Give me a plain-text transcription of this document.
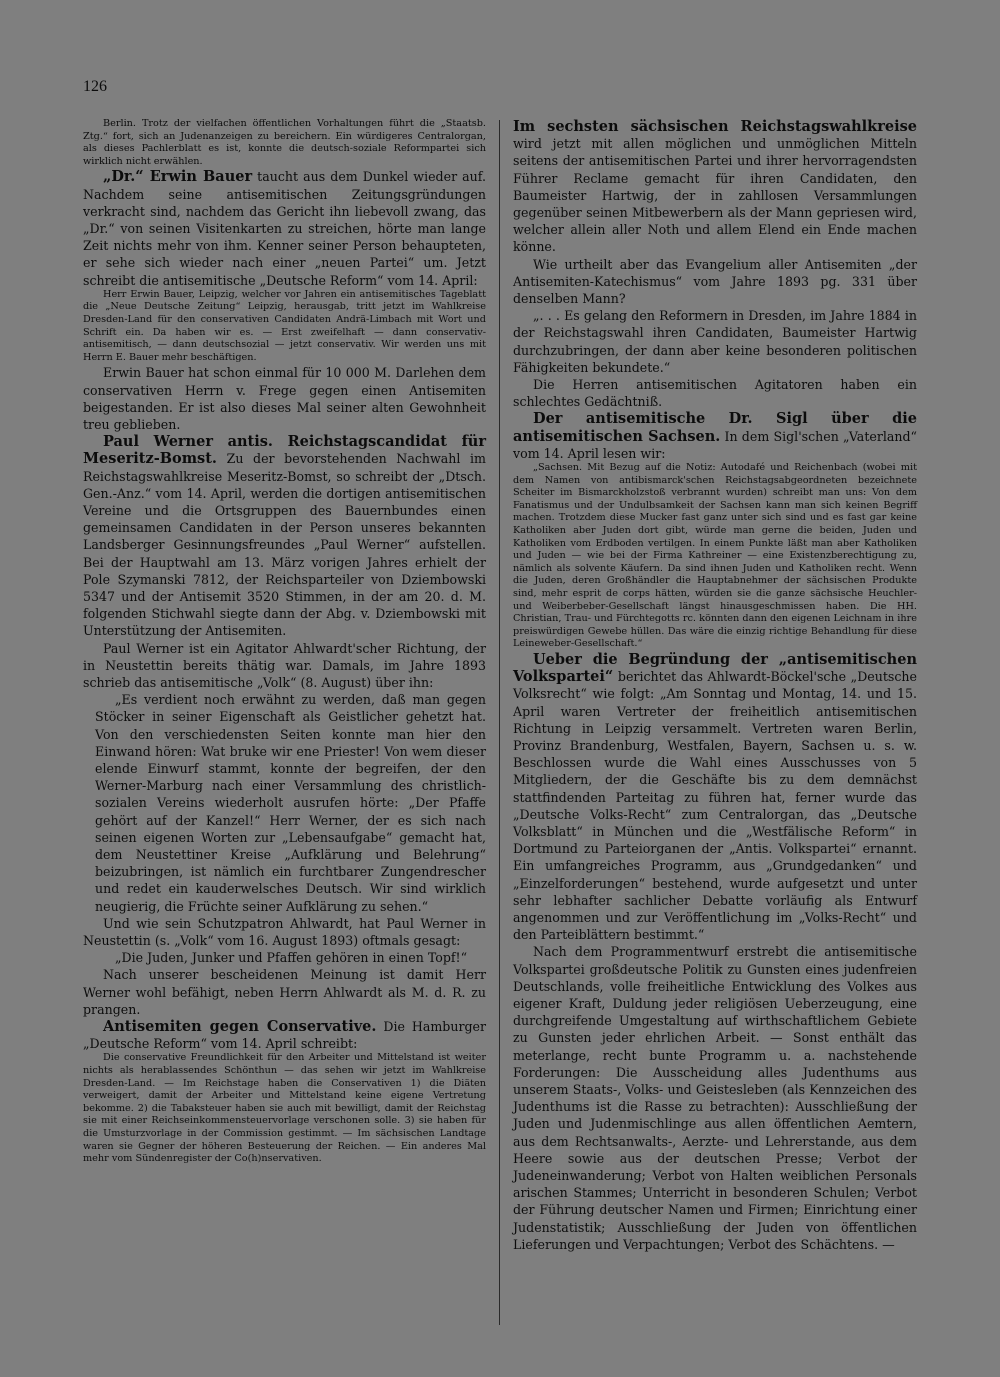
126

Berlin. Trotz der vielfachen öffentlichen Vorhaltungen führt die „Staatsb. Ztg.“ fort, sich an Judenanzeigen zu bereichern. Ein würdigeres Centralorgan, als dieses Pachlerblatt es ist, konnte die deutsch-soziale Reformpartei sich wirklich nicht erwählen.

„Dr.“ Erwin Bauer taucht aus dem Dunkel wieder auf. Nachdem seine antisemitischen Zeitungsgründungen verkracht sind, nachdem das Gericht ihn liebevoll zwang, das „Dr.“ von seinen Visitenkarten zu streichen, hörte man lange Zeit nichts mehr von ihm. Kenner seiner Person behaupteten, er sehe sich wieder nach einer „neuen Partei“ um. Jetzt schreibt die antisemitische „Deutsche Reform“ vom 14. April:

Herr Erwin Bauer, Leipzig, welcher vor Jahren ein antisemitisches Tageblatt die „Neue Deutsche Zeitung“ Leipzig, herausgab, tritt jetzt im Wahlkreise Dresden-Land für den conservativen Candidaten Andrä-Limbach mit Wort und Schrift ein. Da haben wir es. — Erst zweifelhaft — dann conservativ-antisemitisch, — dann deutschsozial — jetzt conservativ. Wir werden uns mit Herrn E. Bauer mehr beschäftigen.

Erwin Bauer hat schon einmal für 10 000 M. Darlehen dem conservativen Herrn v. Frege gegen einen Antisemiten beigestanden. Er ist also dieses Mal seiner alten Gewohnheit treu geblieben.

Paul Werner antis. Reichstagscandidat für Meseritz-Bomst. Zu der bevorstehenden Nachwahl im Reichstagswahlkreise Meseritz-Bomst, so schreibt der „Dtsch. Gen.-Anz.“ vom 14. April, werden die dortigen antisemitischen Vereine und die Ortsgruppen des Bauernbundes einen gemeinsamen Candidaten in der Person unseres bekannten Landsberger Gesinnungsfreundes „Paul Werner“ aufstellen. Bei der Hauptwahl am 13. März vorigen Jahres erhielt der Pole Szymanski 7812, der Reichsparteiler von Dziembowski 5347 und der Antisemit 3520 Stimmen, in der am 20. d. M. folgenden Stichwahl siegte dann der Abg. v. Dziembowski mit Unterstützung der Antisemiten.

Paul Werner ist ein Agitator Ahlwardt'scher Richtung, der in Neustettin bereits thätig war. Damals, im Jahre 1893 schrieb das antisemitische „Volk“ (8. August) über ihn:

„Es verdient noch erwähnt zu werden, daß man gegen Stöcker in seiner Eigenschaft als Geistlicher gehetzt hat. Von den verschiedensten Seiten konnte man hier den Einwand hören: Wat bruke wir ene Priester! Von wem dieser elende Einwurf stammt, konnte der begreifen, der den Werner-Marburg nach einer Versammlung des christlich-sozialen Vereins wiederholt ausrufen hörte: „Der Pfaffe gehört auf der Kanzel!“ Herr Werner, der es sich nach seinen eigenen Worten zur „Lebensaufgabe“ gemacht hat, dem Neustettiner Kreise „Aufklärung und Belehrung“ beizubringen, ist nämlich ein furchtbarer Zungendrescher und redet ein kauderwelsches Deutsch. Wir sind wirklich neugierig, die Früchte seiner Aufklärung zu sehen.“

Und wie sein Schutzpatron Ahlwardt, hat Paul Werner in Neustettin (s. „Volk“ vom 16. August 1893) oftmals gesagt:

„Die Juden, Junker und Pfaffen gehören in einen Topf!“

Nach unserer bescheidenen Meinung ist damit Herr Werner wohl befähigt, neben Herrn Ahlwardt als M. d. R. zu prangen.

Antisemiten gegen Conservative. Die Hamburger „Deutsche Reform“ vom 14. April schreibt:

Die conservative Freundlichkeit für den Arbeiter und Mittelstand ist weiter nichts als herablassendes Schönthun — das sehen wir jetzt im Wahlkreise Dresden-Land. — Im Reichstage haben die Conservativen 1) die Diäten verweigert, damit der Arbeiter und Mittelstand keine eigene Vertretung bekomme. 2) die Tabaksteuer haben sie auch mit bewilligt, damit der Reichstag sie mit einer Reichseinkommensteuervorlage verschonen solle. 3) sie haben für die Umsturzvorlage in der Commission gestimmt. — Im sächsischen Landtage waren sie Gegner der höheren Besteuerung der Reichen. — Ein anderes Mal mehr vom Sündenregister der Co(h)nservativen.

Im sechsten sächsischen Reichstagswahlkreise wird jetzt mit allen möglichen und unmöglichen Mitteln seitens der antisemitischen Partei und ihrer hervorragendsten Führer Reclame gemacht für ihren Candidaten, den Baumeister Hartwig, der in zahllosen Versammlungen gegenüber seinen Mitbewerbern als der Mann gepriesen wird, welcher allein aller Noth und allem Elend ein Ende machen könne.

Wie urtheilt aber das Evangelium aller Antisemiten „der Antisemiten-Katechismus“ vom Jahre 1893 pg. 331 über denselben Mann?

„. . . Es gelang den Reformern in Dresden, im Jahre 1884 in der Reichstagswahl ihren Candidaten, Baumeister Hartwig durchzubringen, der dann aber keine besonderen politischen Fähigkeiten bekundete.“

Die Herren antisemitischen Agitatoren haben ein schlechtes Gedächtniß.

Der antisemitische Dr. Sigl über die antisemitischen Sachsen. In dem Sigl'schen „Vaterland“ vom 14. April lesen wir:

„Sachsen. Mit Bezug auf die Notiz: Autodafé und Reichenbach (wobei mit dem Namen von antibismarck'schen Reichstagsabgeordneten bezeichnete Scheiter im Bismarckholzstoß verbrannt wurden) schreibt man uns: Von dem Fanatismus und der Undulbsamkeit der Sachsen kann man sich keinen Begriff machen. Trotzdem diese Mucker fast ganz unter sich sind und es fast gar keine Katholiken aber Juden dort gibt, würde man gerne die beiden, Juden und Katholiken vom Erdboden vertilgen. In einem Punkte läßt man aber Katholiken und Juden — wie bei der Firma Kathreiner — eine Existenzberechtigung zu, nämlich als solvente Käufern. Da sind ihnen Juden und Katholiken recht. Wenn die Juden, deren Großhändler die Hauptabnehmer der sächsischen Produkte sind, mehr esprit de corps hätten, würden sie die ganze sächsische Heuchler- und Weiberbeber-Gesellschaft längst hinausgeschmissen haben. Die HH. Christian, Trau- und Fürchtegotts rc. könnten dann den eigenen Leichnam in ihre preiswürdigen Gewebe hüllen. Das wäre die einzig richtige Behandlung für diese Leineweber-Gesellschaft.“

Ueber die Begründung der „antisemitischen Volkspartei“ berichtet das Ahlwardt-Böckel'sche „Deutsche Volksrecht“ wie folgt: „Am Sonntag und Montag, 14. und 15. April waren Vertreter der freiheitlich antisemitischen Richtung in Leipzig versammelt. Vertreten waren Berlin, Provinz Brandenburg, Westfalen, Bayern, Sachsen u. s. w. Beschlossen wurde die Wahl eines Ausschusses von 5 Mitgliedern, der die Geschäfte bis zu dem demnächst stattfindenden Parteitag zu führen hat, ferner wurde das „Deutsche Volks-Recht“ zum Centralorgan, das „Deutsche Volksblatt“ in München und die „Westfälische Reform“ in Dortmund zu Parteiorganen der „Antis. Volkspartei“ ernannt. Ein umfangreiches Programm, aus „Grundgedanken“ und „Einzelforderungen“ bestehend, wurde aufgesetzt und unter sehr lebhafter sachlicher Debatte vorläufig als Entwurf angenommen und zur Veröffentlichung im „Volks-Recht“ und den Parteiblättern bestimmt.“

Nach dem Programmentwurf erstrebt die antisemitische Volkspartei großdeutsche Politik zu Gunsten eines judenfreien Deutschlands, volle freiheitliche Entwicklung des Volkes aus eigener Kraft, Duldung jeder religiösen Ueberzeugung, eine durchgreifende Umgestaltung auf wirthschaftlichem Gebiete zu Gunsten jeder ehrlichen Arbeit. — Sonst enthält das meterlange, recht bunte Programm u. a. nachstehende Forderungen: Die Ausscheidung alles Judenthums aus unserem Staats-, Volks- und Geistesleben (als Kennzeichen des Judenthums ist die Rasse zu betrachten): Ausschließung der Juden und Judenmischlinge aus allen öffentlichen Aemtern, aus dem Rechtsanwalts-, Aerzte- und Lehrerstande, aus dem Heere sowie aus der deutschen Presse; Verbot der Judeneinwanderung; Verbot von Halten weiblichen Personals arischen Stammes; Unterricht in besonderen Schulen; Verbot der Führung deutscher Namen und Firmen; Einrichtung einer Judenstatistik; Ausschließung der Juden von öffentlichen Lieferungen und Verpachtungen; Verbot des Schächtens. —
